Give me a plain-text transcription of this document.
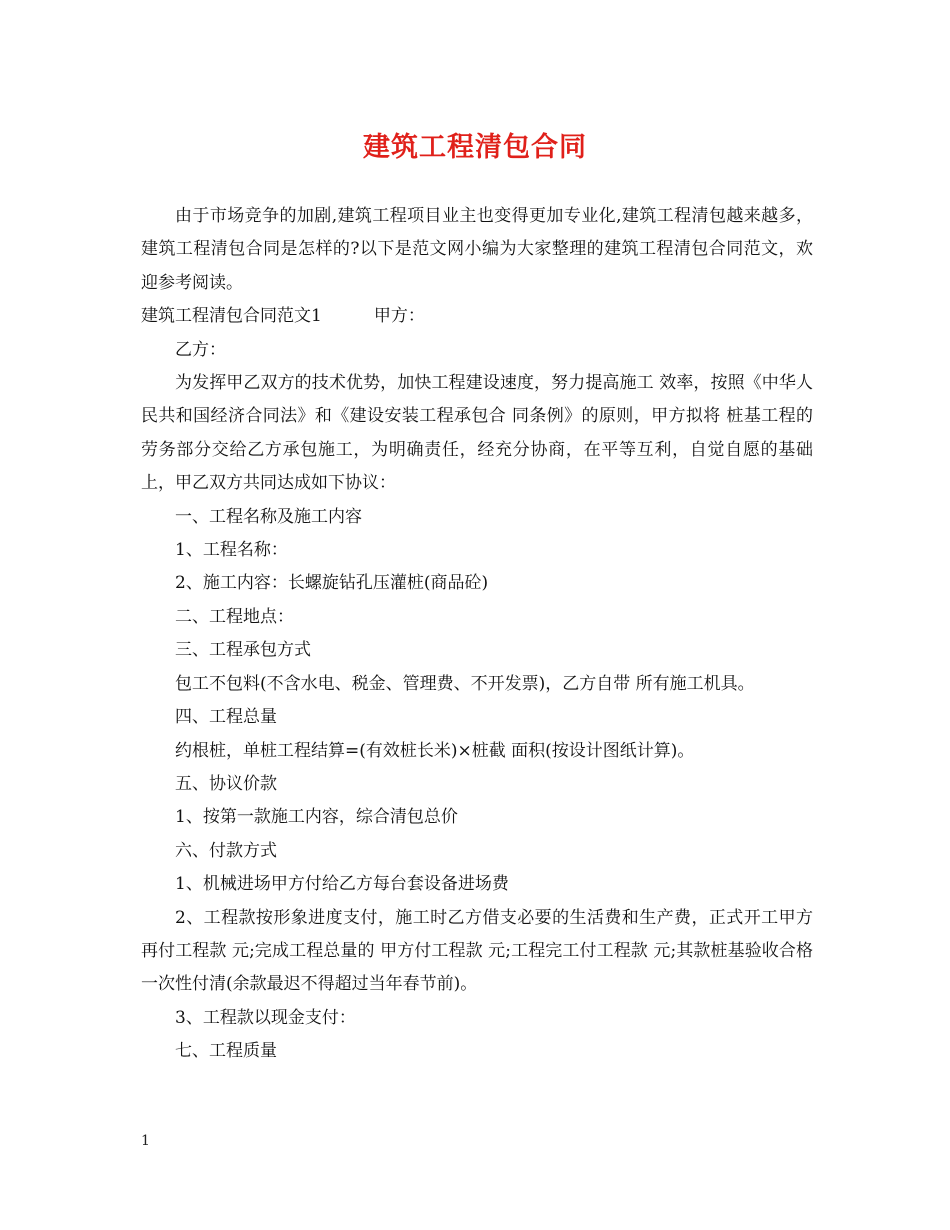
建筑工程清包合同

由于市场竞争的加剧,建筑工程项目业主也变得更加专业化,建筑工程清包越来越多，建筑工程清包合同是怎样的?以下是范文网小编为大家整理的建筑工程清包合同范文，欢迎参考阅读。

建筑工程清包合同范文1	甲方：

乙方：

为发挥甲乙双方的技术优势，加快工程建设速度，努力提高施工 效率，按照《中华人民共和国经济合同法》和《建设安装工程承包合 同条例》的原则，甲方拟将 桩基工程的劳务部分交给乙方承包施工，为明确责任，经充分协商，在平等互利，自觉自愿的基础上，甲乙双方共同达成如下协议：

一、工程名称及施工内容

1、工程名称：

2、施工内容：长螺旋钻孔压灌桩(商品砼)

二、工程地点：

三、工程承包方式

包工不包料(不含水电、税金、管理费、不开发票)，乙方自带 所有施工机具。

四、工程总量

约根桩，单桩工程结算=(有效桩长米)×桩截 面积(按设计图纸计算)。

五、协议价款

1、按第一款施工内容，综合清包总价

六、付款方式

1、机械进场甲方付给乙方每台套设备进场费

2、工程款按形象进度支付，施工时乙方借支必要的生活费和生产费，正式开工甲方再付工程款 元;完成工程总量的 甲方付工程款 元;工程完工付工程款 元;其款桩基验收合格一次性付清(余款最迟不得超过当年春节前)。

3、工程款以现金支付：

七、工程质量

1
